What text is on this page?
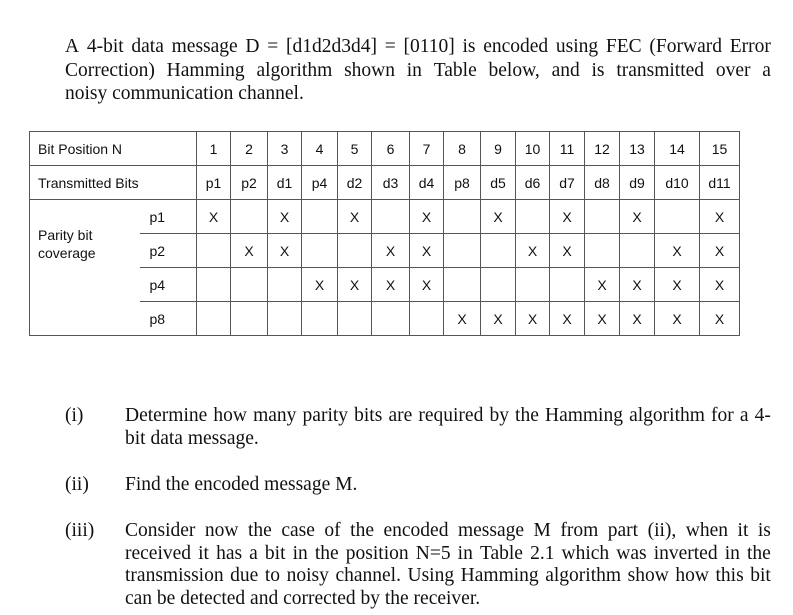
A 4-bit data message D = [d1d2d3d4] = [0110] is encoded using FEC (Forward Error
Correction) Hamming algorithm shown in Table below, and is transmitted over a
noisy communication channel.
Bit Position N		1	2	3	4	5	6	7	8	9	10	11	12	13	14	15
Transmitted Bits		p1	p2	d1	p4	d2	d3	d4	p8	d5	d6	d7	d8	d9	d10	d11

Parity bit
coverage	p1	X		X		X		X		X		X		X		X
	p2		X	X			X	X			X	X			X	X
	p4				X	X	X	X					X	X	X	X
	p8								X	X	X	X	X	X	X	X
(i) Determine how many parity bits are required by the Hamming algorithm for a 4-
bit data message.
(ii) Find the encoded message M.
(iii) Consider now the case of the encoded message M from part (ii), when it is
received it has a bit in the position N=5 in Table 2.1 which was inverted in the
transmission due to noisy channel. Using Hamming algorithm show how this bit
can be detected and corrected by the receiver.
